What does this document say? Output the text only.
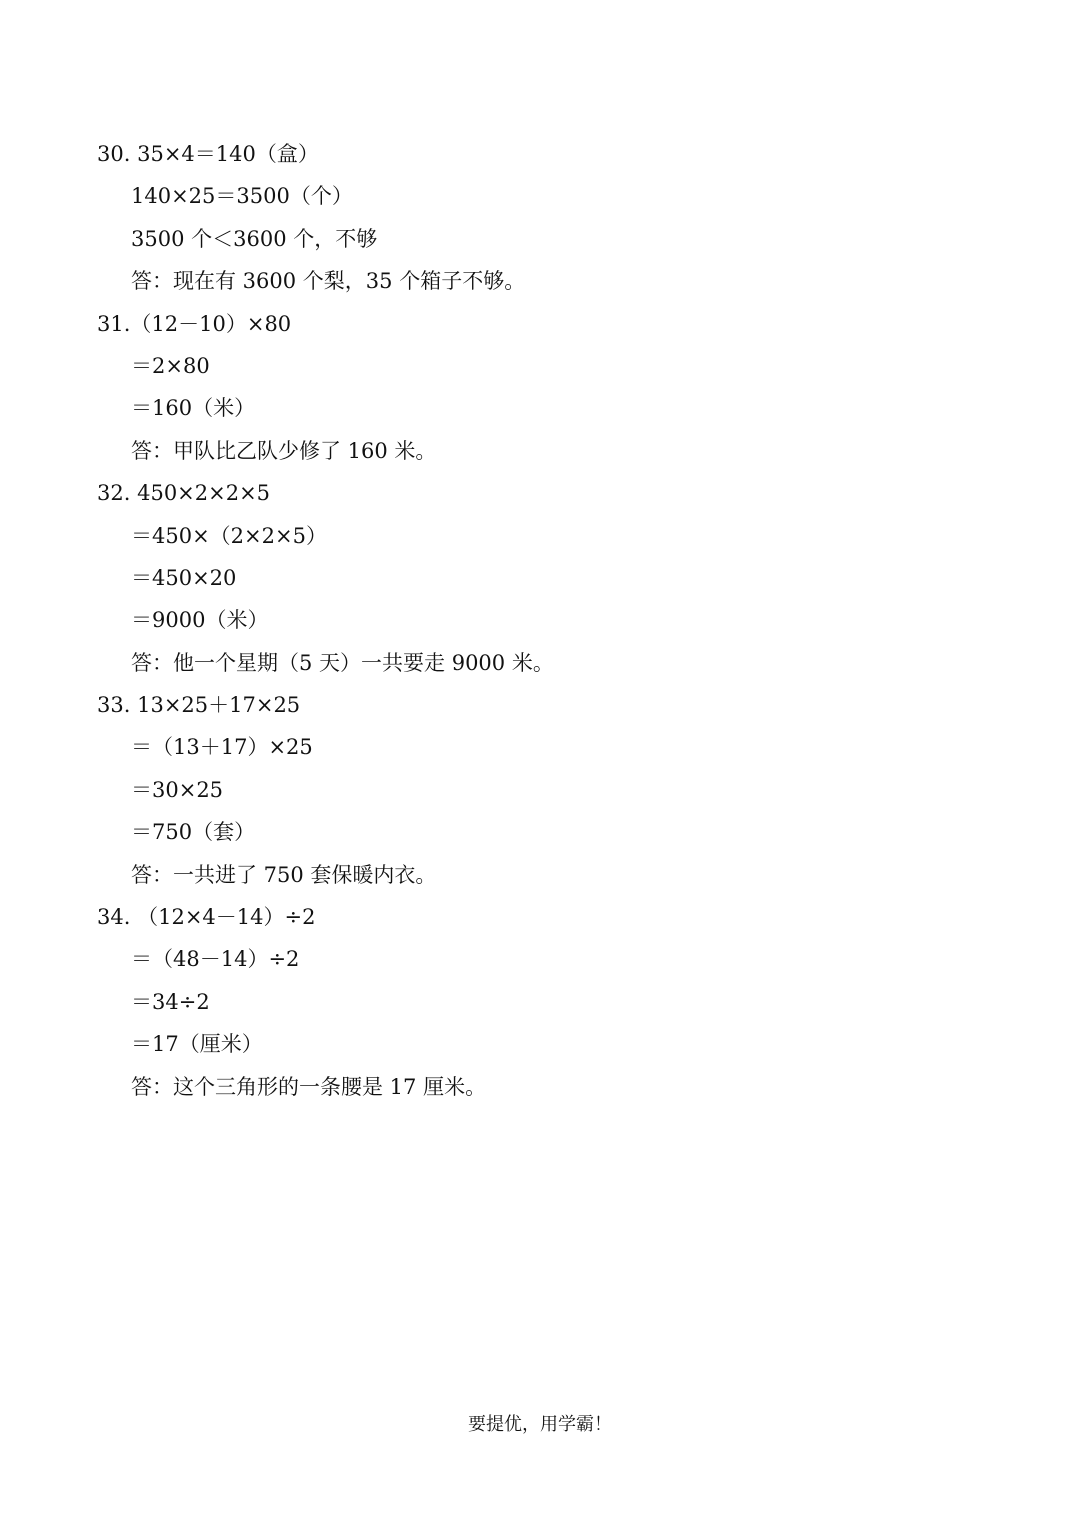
30. 35×4＝140（盒）
140×25＝3500（个）
3500 个＜3600 个，不够
答：现在有 3600 个梨，35 个箱子不够。
31.（12－10）×80
＝2×80
＝160（米）
答：甲队比乙队少修了 160 米。
32. 450×2×2×5
＝450×（2×2×5）
＝450×20
＝9000（米）
答：他一个星期（5 天）一共要走 9000 米。
33. 13×25＋17×25
＝（13＋17）×25
＝30×25
＝750（套）
答：一共进了 750 套保暖内衣。
34. （12×4－14）÷2
＝（48－14）÷2
＝34÷2
＝17（厘米）
答：这个三角形的一条腰是 17 厘米。
要提优，用学霸！
